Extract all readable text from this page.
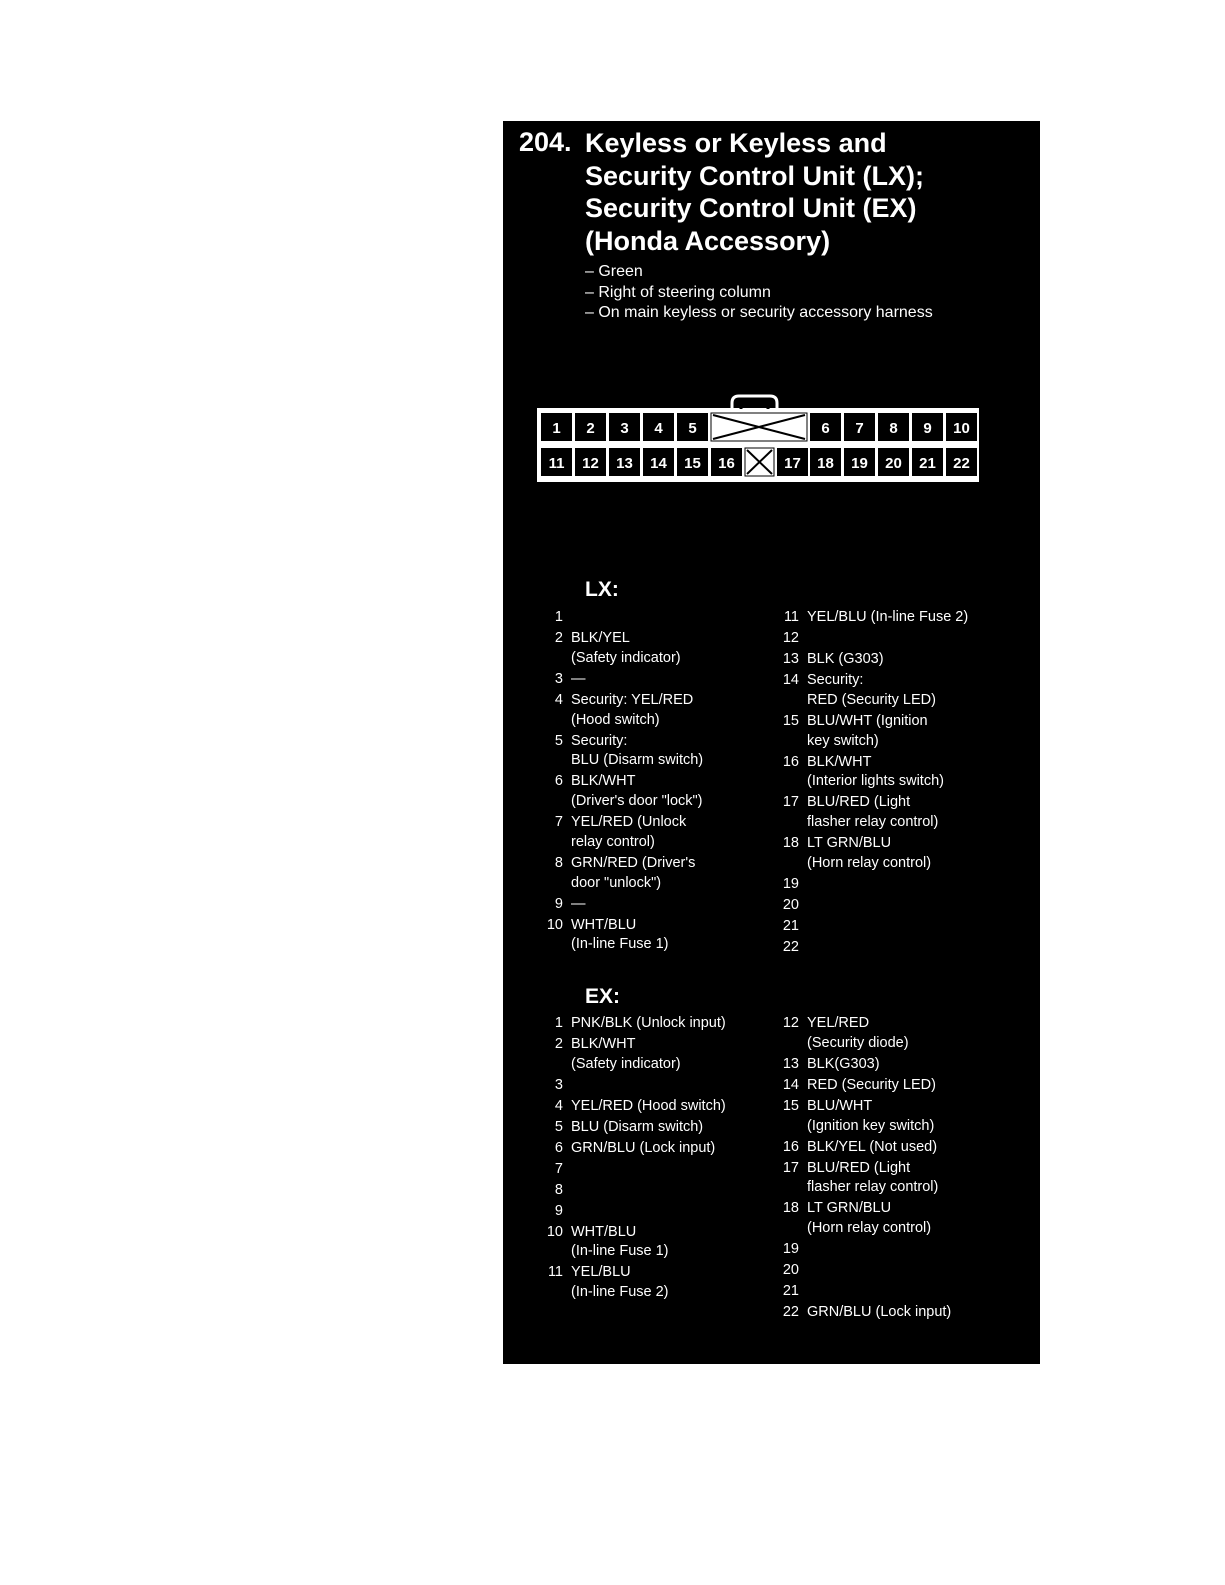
204. Keyless or Keyless and
Security Control Unit (LX);
Security Control Unit (EX)
(Honda Accessory)
– Green
– Right of steering column
– On main keyless or security accessory harness
1 2 3 4 5	6 7 8 9 10
11 12 13 14 15 16	17 18 19 20 21 22
LX:
1

2 BLK/YEL
(Safety indicator)
3 —
4 Security: YEL/RED
(Hood switch)
5 Security:
BLU (Disarm switch)
6 BLK/WHT
(Driver's door "lock")
7 YEL/RED (Unlock
relay control)
8 GRN/RED (Driver's
door "unlock")
9 —
10 WHT/BLU
(In-line Fuse 1)
11 YEL/BLU (In-line Fuse 2)
12

13 BLK (G303)
14 Security:
RED (Security LED)
15 BLU/WHT (Ignition
key switch)
16 BLK/WHT
(Interior lights switch)
17 BLU/RED (Light
flasher relay control)
18 LT GRN/BLU
(Horn relay control)
19

20

21

22

EX:
1 PNK/BLK (Unlock input)
2 BLK/WHT
(Safety indicator)
3

4 YEL/RED (Hood switch)
5 BLU (Disarm switch)
6 GRN/BLU (Lock input)
7

8

9

10 WHT/BLU
(In-line Fuse 1)
11 YEL/BLU
(In-line Fuse 2)
12 YEL/RED
(Security diode)
13 BLK(G303)
14 RED (Security LED)
15 BLU/WHT
(Ignition key switch)
16 BLK/YEL (Not used)
17 BLU/RED (Light
flasher relay control)
18 LT GRN/BLU
(Horn relay control)
19

20

21

22 GRN/BLU (Lock input)
